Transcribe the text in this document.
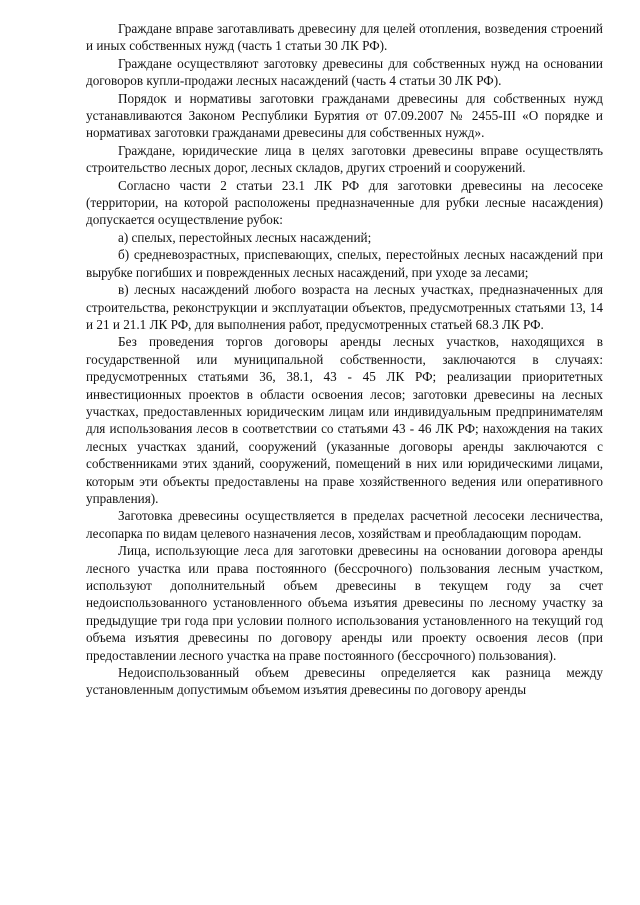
Граждане вправе заготавливать древесину для целей отопления, возведения строений и иных собственных нужд (часть 1 статьи 30 ЛК РФ).

Граждане осуществляют заготовку древесины для собственных нужд на основании договоров купли-продажи лесных насаждений (часть 4 статьи 30 ЛК РФ).

Порядок и нормативы заготовки гражданами древесины для собственных нужд устанавливаются Законом Республики Бурятия от 07.09.2007 № 2455-III «О порядке и нормативах заготовки гражданами древесины для собственных нужд».

Граждане, юридические лица в целях заготовки древесины вправе осуществлять строительство лесных дорог, лесных складов, других строений и сооружений.

Согласно части 2 статьи 23.1 ЛК РФ для заготовки древесины на лесосеке (территории, на которой расположены предназначенные для рубки лесные насаждения) допускается осуществление рубок:

а) спелых, перестойных лесных насаждений;

б) средневозрастных, приспевающих, спелых, перестойных лесных насаждений при вырубке погибших и поврежденных лесных насаждений, при уходе за лесами;

в) лесных насаждений любого возраста на лесных участках, предназначенных для строительства, реконструкции и эксплуатации объектов, предусмотренных статьями 13, 14 и 21 и 21.1 ЛК РФ, для выполнения работ, предусмотренных статьей 68.3 ЛК РФ.

Без проведения торгов договоры аренды лесных участков, находящихся в государственной или муниципальной собственности, заключаются в случаях: предусмотренных статьями 36, 38.1, 43 - 45 ЛК РФ; реализации приоритетных инвестиционных проектов в области освоения лесов; заготовки древесины на лесных участках, предоставленных юридическим лицам или индивидуальным предпринимателям для использования лесов в соответствии со статьями 43 - 46 ЛК РФ; нахождения на таких лесных участках зданий, сооружений (указанные договоры аренды заключаются с собственниками этих зданий, сооружений, помещений в них или юридическими лицами, которым эти объекты предоставлены на праве хозяйственного ведения или оперативного управления).

Заготовка древесины осуществляется в пределах расчетной лесосеки лесничества, лесопарка по видам целевого назначения лесов, хозяйствам и преобладающим породам.

Лица, использующие леса для заготовки древесины на основании договора аренды лесного участка или права постоянного (бессрочного) пользования лесным участком, используют дополнительный объем древесины в текущем году за счет недоиспользованного установленного объема изъятия древесины по лесному участку за предыдущие три года при условии полного использования установленного на текущий год объема изъятия древесины по договору аренды или проекту освоения лесов (при предоставлении лесного участка на праве постоянного (бессрочного) пользования).

Недоиспользованный объем древесины определяется как разница между установленным допустимым объемом изъятия древесины по договору аренды
